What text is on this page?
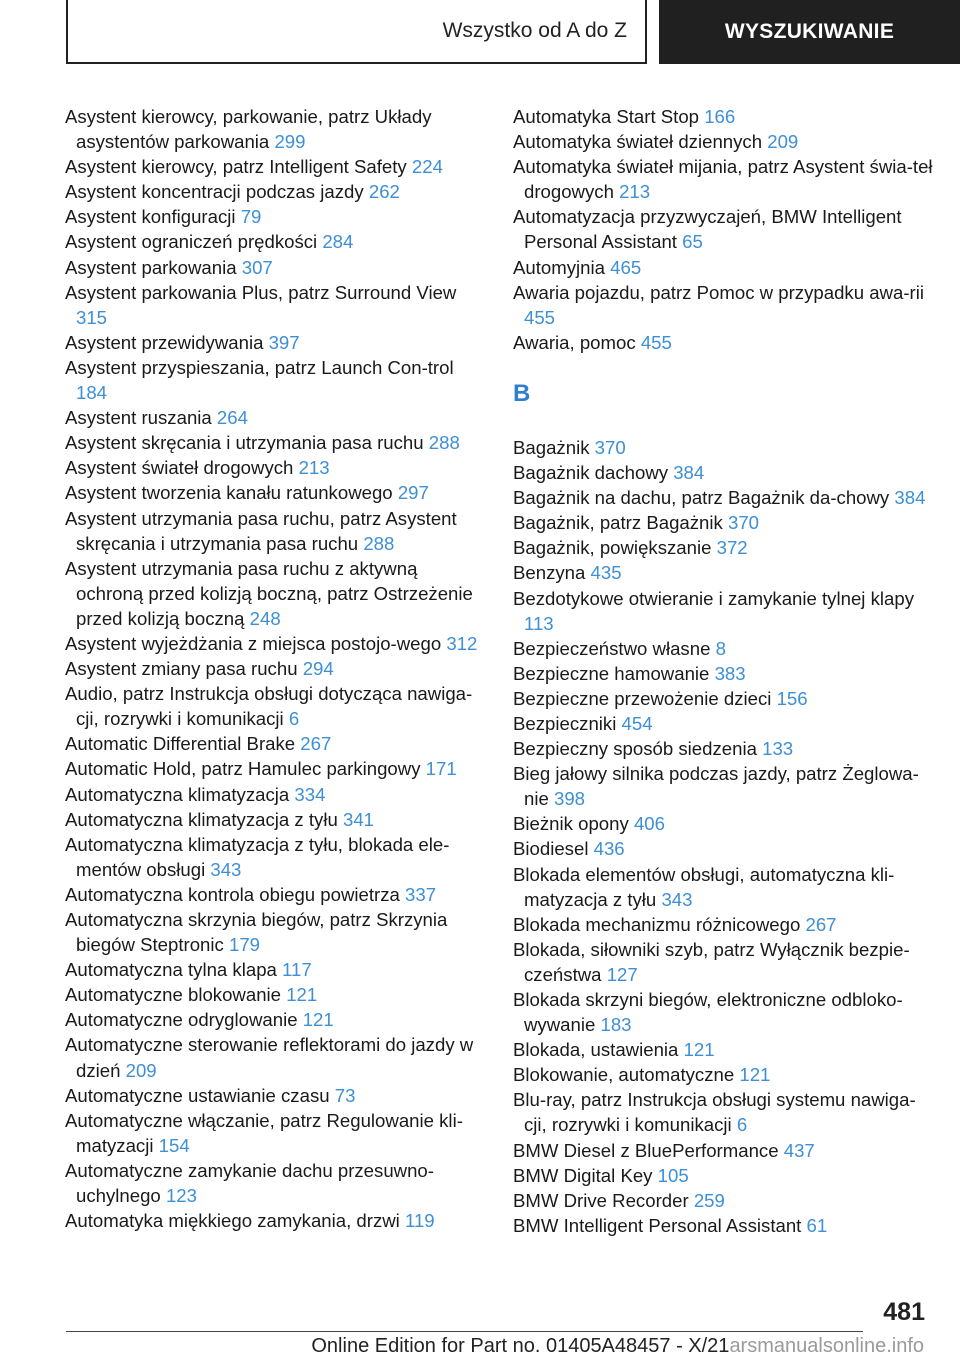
Wszystko od A do Z	WYSZUKIWANIE

Asystent kierowcy, parkowanie, patrz Układy asystentów parkowania 299

Asystent kierowcy, patrz Intelligent Safety 224

Asystent koncentracji podczas jazdy 262

Asystent konfiguracji 79

Asystent ograniczeń prędkości 284

Asystent parkowania 307

Asystent parkowania Plus, patrz Surround View 315

Asystent przewidywania 397

Asystent przyspieszania, patrz Launch Con‐trol 184

Asystent ruszania 264

Asystent skręcania i utrzymania pasa ruchu 288

Asystent świateł drogowych 213

Asystent tworzenia kanału ratunkowego 297

Asystent utrzymania pasa ruchu, patrz Asystent skręcania i utrzymania pasa ruchu 288

Asystent utrzymania pasa ruchu z aktywną ochroną przed kolizją boczną, patrz Ostrzeżenie przed kolizją boczną 248

Asystent wyjeżdżania z miejsca postojo‐wego 312

Asystent zmiany pasa ruchu 294

Audio, patrz Instrukcja obsługi dotycząca nawiga‐cji, rozrywki i komunikacji 6

Automatic Differential Brake 267

Automatic Hold, patrz Hamulec parkingowy 171

Automatyczna klimatyzacja 334

Automatyczna klimatyzacja z tyłu 341

Automatyczna klimatyzacja z tyłu, blokada ele‐mentów obsługi 343

Automatyczna kontrola obiegu powietrza 337

Automatyczna skrzynia biegów, patrz Skrzynia biegów Steptronic 179

Automatyczna tylna klapa 117

Automatyczne blokowanie 121

Automatyczne odryglowanie 121

Automatyczne sterowanie reflektorami do jazdy w dzień 209

Automatyczne ustawianie czasu 73

Automatyczne włączanie, patrz Regulowanie kli‐matyzacji 154

Automatyczne zamykanie dachu przesuwno‐uchylnego 123

Automatyka miękkiego zamykania, drzwi 119

Automatyka Start Stop 166

Automatyka świateł dziennych 209

Automatyka świateł mijania, patrz Asystent świa‐teł drogowych 213

Automatyzacja przyzwyczajeń, BMW Intelligent Personal Assistant 65

Automyjnia 465

Awaria pojazdu, patrz Pomoc w przypadku awa‐rii 455

Awaria, pomoc 455

B

Bagażnik 370

Bagażnik dachowy 384

Bagażnik na dachu, patrz Bagażnik da‐chowy 384

Bagażnik, patrz Bagażnik 370

Bagażnik, powiększanie 372

Benzyna 435

Bezdotykowe otwieranie i zamykanie tylnej klapy 113

Bezpieczeństwo własne 8

Bezpieczne hamowanie 383

Bezpieczne przewożenie dzieci 156

Bezpieczniki 454

Bezpieczny sposób siedzenia 133

Bieg jałowy silnika podczas jazdy, patrz Żeglowa‐nie 398

Bieżnik opony 406

Biodiesel 436

Blokada elementów obsługi, automatyczna kli‐matyzacja z tyłu 343

Blokada mechanizmu różnicowego 267

Blokada, siłowniki szyb, patrz Wyłącznik bezpie‐czeństwa 127

Blokada skrzyni biegów, elektroniczne odbloko‐wywanie 183

Blokada, ustawienia 121

Blokowanie, automatyczne 121

Blu-ray, patrz Instrukcja obsługi systemu nawiga‐cji, rozrywki i komunikacji 6

BMW Diesel z BluePerformance 437

BMW Digital Key 105

BMW Drive Recorder 259

BMW Intelligent Personal Assistant 61

481
Online Edition for Part no. 01405A48457 - X/21arsmanualsonline.info
